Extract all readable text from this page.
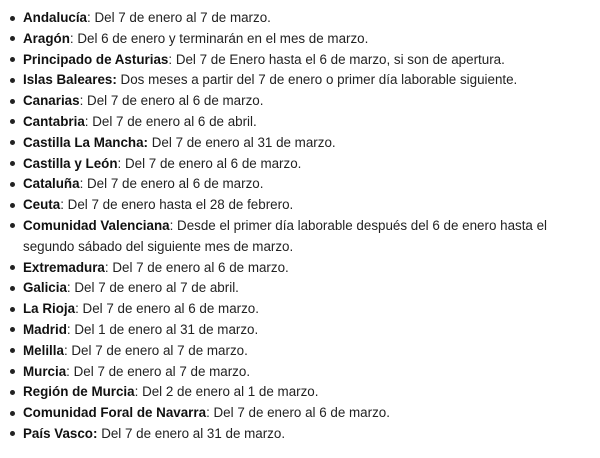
Andalucía: Del 7 de enero al 7 de marzo.
Aragón: Del 6 de enero y terminarán en el mes de marzo.
Principado de Asturias: Del 7 de Enero hasta el 6 de marzo, si son de apertura.
Islas Baleares: Dos meses a partir del 7 de enero o primer día laborable siguiente.
Canarias: Del 7 de enero al 6 de marzo.
Cantabria: Del 7 de enero al 6 de abril.
Castilla La Mancha: Del 7 de enero al 31 de marzo.
Castilla y León: Del 7 de enero al 6 de marzo.
Cataluña: Del 7 de enero al 6 de marzo.
Ceuta: Del 7 de enero hasta el 28 de febrero.
Comunidad Valenciana: Desde el primer día laborable después del 6 de enero hasta el segundo sábado del siguiente mes de marzo.
Extremadura: Del 7 de enero al 6 de marzo.
Galicia: Del 7 de enero al 7 de abril.
La Rioja: Del 7 de enero al 6 de marzo.
Madrid: Del 1 de enero al 31 de marzo.
Melilla: Del 7 de enero al 7 de marzo.
Murcia: Del 7 de enero al 7 de marzo.
Región de Murcia: Del 2 de enero al 1 de marzo.
Comunidad Foral de Navarra: Del 7 de enero al 6 de marzo.
País Vasco: Del 7 de enero al 31 de marzo.
